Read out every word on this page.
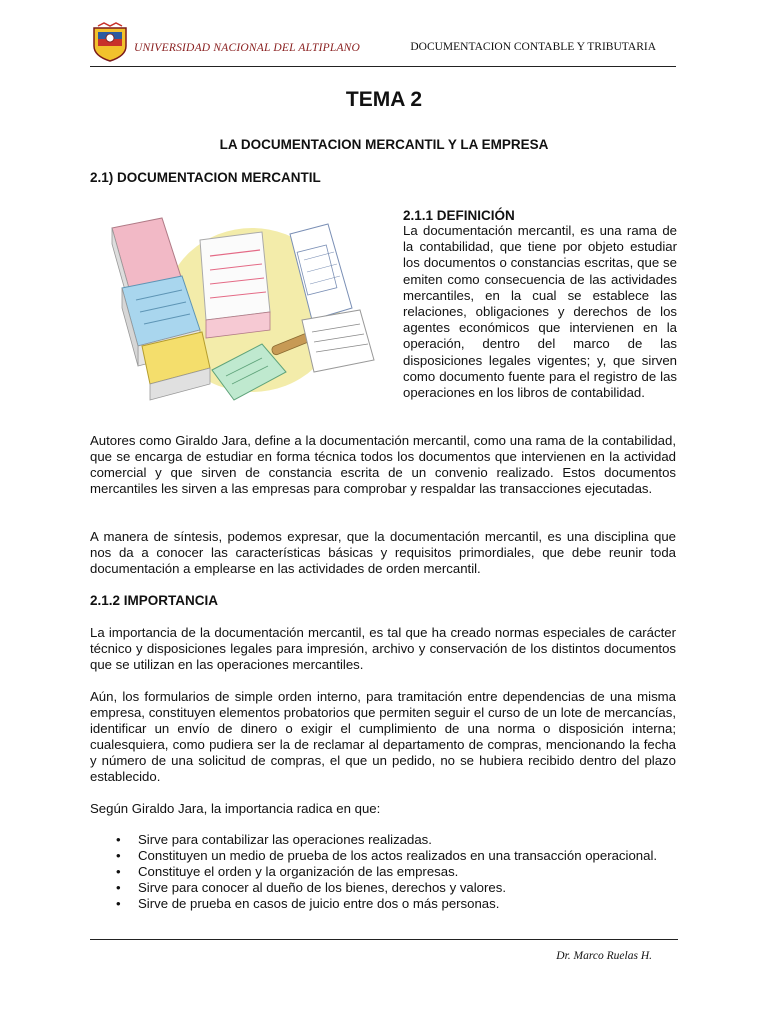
UNIVERSIDAD NACIONAL DEL ALTIPLANO	DOCUMENTACION CONTABLE Y TRIBUTARIA
TEMA 2
LA DOCUMENTACION MERCANTIL Y LA EMPRESA
2.1) DOCUMENTACION MERCANTIL
2.1.1 DEFINICIÓN

La documentación mercantil, es una rama de la contabilidad, que tiene por objeto estudiar los documentos o constancias escritas, que se emiten como consecuencia de las actividades mercantiles, en la cual se establece las relaciones, obligaciones y derechos de los agentes económicos que intervienen en la operación, dentro del marco de las disposiciones legales vigentes; y, que sirven como documento fuente para el registro de las operaciones en los libros de contabilidad.

Autores como Giraldo Jara, define a la documentación mercantil, como una rama de la contabilidad, que se encarga de estudiar en forma técnica todos los documentos que intervienen en la actividad comercial y que sirven de constancia escrita de un convenio realizado. Estos documentos mercantiles les sirven a las empresas para comprobar y respaldar las transacciones ejecutadas.

A manera de síntesis, podemos expresar, que la documentación mercantil, es una disciplina que nos da a conocer las características básicas y requisitos primordiales, que debe reunir toda documentación a emplearse en las actividades de orden mercantil.

2.1.2 IMPORTANCIA

La importancia de la documentación mercantil, es tal que ha creado normas especiales de carácter técnico y disposiciones legales para impresión, archivo y conservación de los distintos documentos que se utilizan en las operaciones mercantiles.

Aún, los formularios de simple orden interno, para tramitación entre dependencias de una misma empresa, constituyen elementos probatorios que permiten seguir el curso de un lote de mercancías, identificar un envío de dinero o exigir el cumplimiento de una norma o disposición interna; cualesquiera, como pudiera ser la de reclamar al departamento de compras, mencionando la fecha y número de una solicitud de compras, el que un pedido, no se hubiera recibido dentro del plazo establecido.

Según Giraldo Jara, la importancia radica en que:

• Sirve para contabilizar las operaciones realizadas.
• Constituyen un medio de prueba de los actos realizados en una transacción operacional.
• Constituye el orden y la organización de las empresas.
• Sirve para conocer al dueño de los bienes, derechos y valores.
• Sirve de prueba en casos de juicio entre dos o más personas.
Dr. Marco Ruelas H.
